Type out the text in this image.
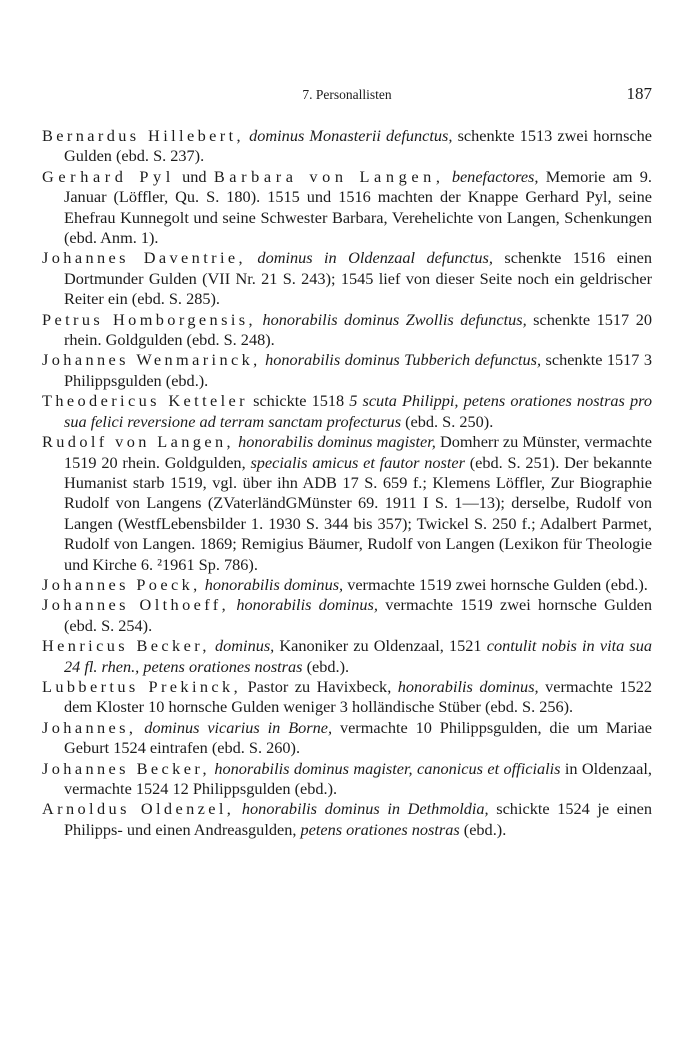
7. Personallisten	187

Bernardus Hillebert, dominus Monasterii defunctus, schenkte 1513 zwei hornsche Gulden (ebd. S. 237).

Gerhard Pyl und Barbara von Langen, benefactores, Memorie am 9. Januar (Löffler, Qu. S. 180). 1515 und 1516 machten der Knappe Gerhard Pyl, seine Ehefrau Kunnegolt und seine Schwester Barbara, Verehelichte von Langen, Schenkungen (ebd. Anm. 1).

Johannes Daventrie, dominus in Oldenzaal defunctus, schenkte 1516 einen Dortmunder Gulden (VII Nr. 21 S. 243); 1545 lief von dieser Seite noch ein geldrischer Reiter ein (ebd. S. 285).

Petrus Homborgensis, honorabilis dominus Zwollis defunctus, schenkte 1517 20 rhein. Goldgulden (ebd. S. 248).

Johannes Wenmarinck, honorabilis dominus Tubberich defunctus, schenkte 1517 3 Philippsgulden (ebd.).

Theodericus Ketteler schickte 1518 5 scuta Philippi, petens orationes nostras pro sua felici reversione ad terram sanctam profecturus (ebd. S. 250).

Rudolf von Langen, honorabilis dominus magister, Domherr zu Münster, vermachte 1519 20 rhein. Goldgulden, specialis amicus et fautor noster (ebd. S. 251). Der bekannte Humanist starb 1519, vgl. über ihn ADB 17 S. 659 f.; Klemens Löffler, Zur Biographie Rudolf von Langens (ZVaterländGMünster 69. 1911 I S. 1—13); derselbe, Rudolf von Langen (WestfLebensbilder 1. 1930 S. 344 bis 357); Twickel S. 250 f.; Adalbert Parmet, Rudolf von Langen. 1869; Remigius Bäumer, Rudolf von Langen (Lexikon für Theologie und Kirche 6. ²1961 Sp. 786).

Johannes Poeck, honorabilis dominus, vermachte 1519 zwei hornsche Gulden (ebd.).

Johannes Olthoeff, honorabilis dominus, vermachte 1519 zwei hornsche Gulden (ebd. S. 254).

Henricus Becker, dominus, Kanoniker zu Oldenzaal, 1521 contulit nobis in vita sua 24 fl. rhen., petens orationes nostras (ebd.).

Lubbertus Prekinck, Pastor zu Havixbeck, honorabilis dominus, vermachte 1522 dem Kloster 10 hornsche Gulden weniger 3 holländische Stüber (ebd. S. 256).

Johannes, dominus vicarius in Borne, vermachte 10 Philippsgulden, die um Mariae Geburt 1524 eintrafen (ebd. S. 260).

Johannes Becker, honorabilis dominus magister, canonicus et officialis in Oldenzaal, vermachte 1524 12 Philippsgulden (ebd.).

Arnoldus Oldenzel, honorabilis dominus in Dethmoldia, schickte 1524 je einen Philipps- und einen Andreasgulden, petens orationes nostras (ebd.).
